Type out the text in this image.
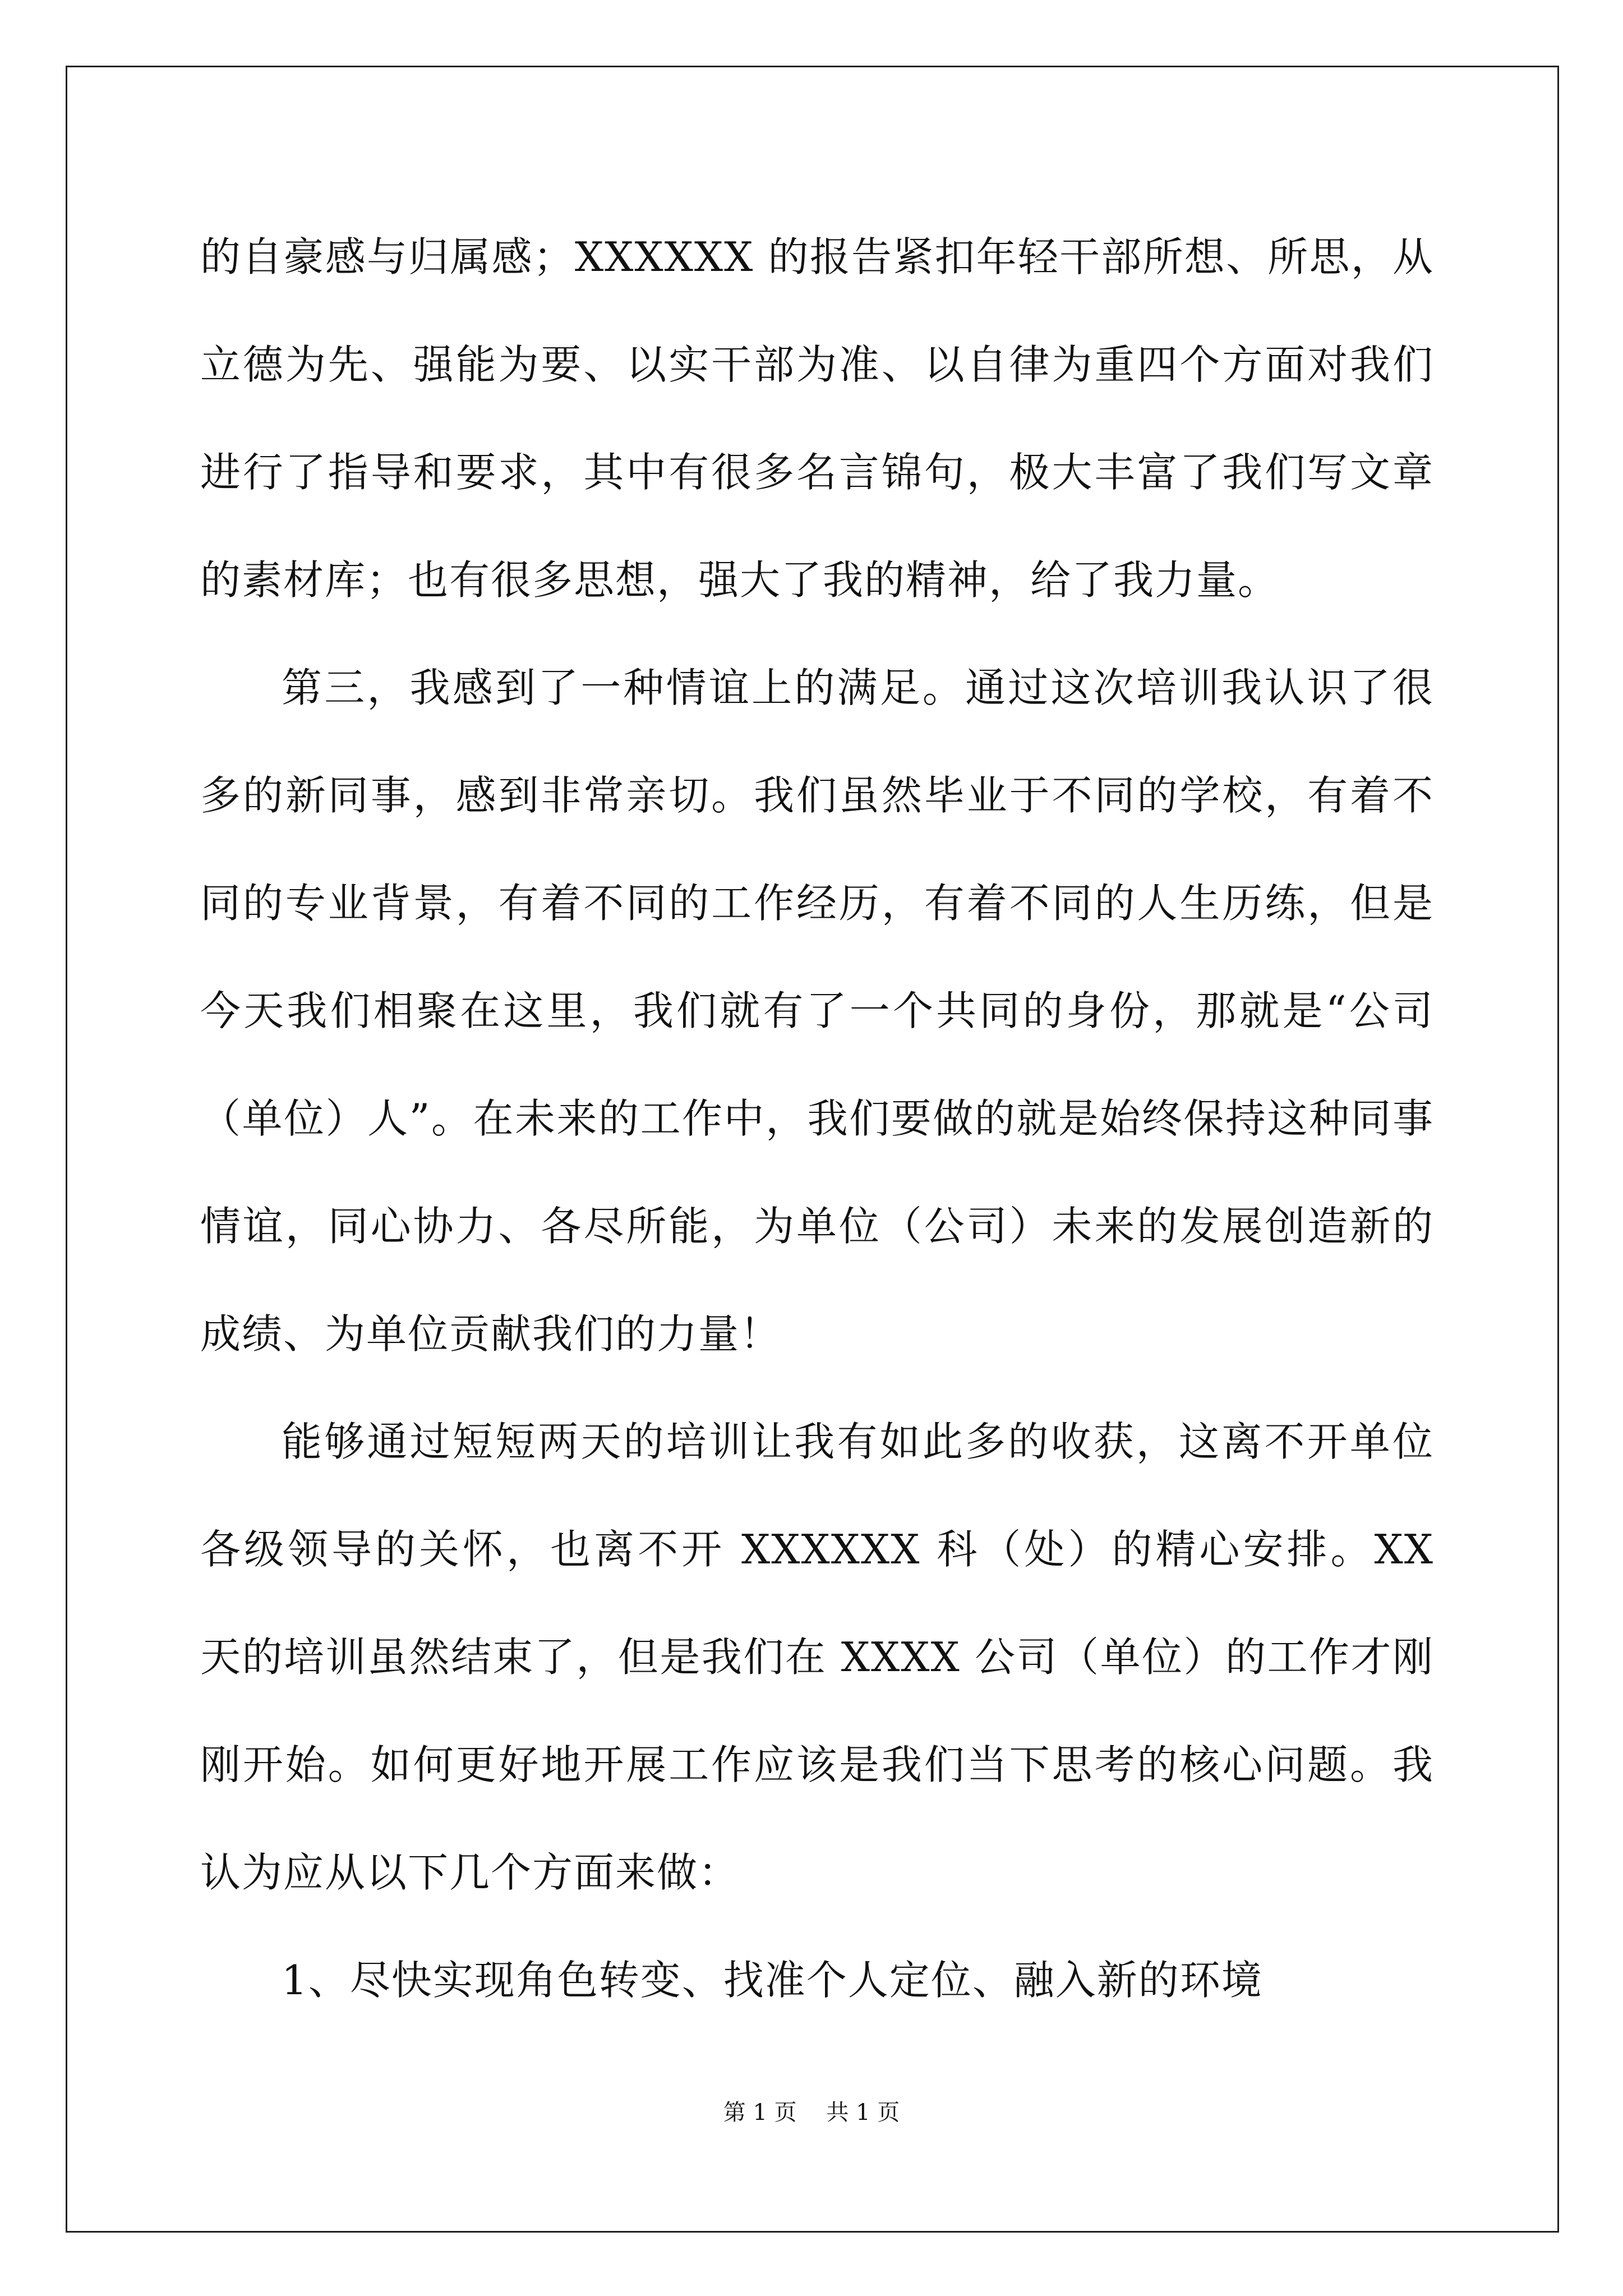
的自豪感与归属感；XXXXXX 的报告紧扣年轻干部所想、所思，从立德为先、强能为要、以实干部为准、以自律为重四个方面对我们进行了指导和要求，其中有很多名言锦句，极大丰富了我们写文章的素材库；也有很多思想，强大了我的精神，给了我力量。

第三，我感到了一种情谊上的满足。通过这次培训我认识了很多的新同事，感到非常亲切。我们虽然毕业于不同的学校，有着不同的专业背景，有着不同的工作经历，有着不同的人生历练，但是今天我们相聚在这里，我们就有了一个共同的身份，那就是“公司（单位）人”。在未来的工作中，我们要做的就是始终保持这种同事情谊，同心协力、各尽所能，为单位（公司）未来的发展创造新的成绩、为单位贡献我们的力量！

能够通过短短两天的培训让我有如此多的收获，这离不开单位各级领导的关怀，也离不开 XXXXXX 科（处）的精心安排。XX 天的培训虽然结束了，但是我们在 XXXX 公司（单位）的工作才刚刚开始。如何更好地开展工作应该是我们当下思考的核心问题。我认为应从以下几个方面来做：

1、尽快实现角色转变、找准个人定位、融入新的环境

第 1 页 共 1 页
